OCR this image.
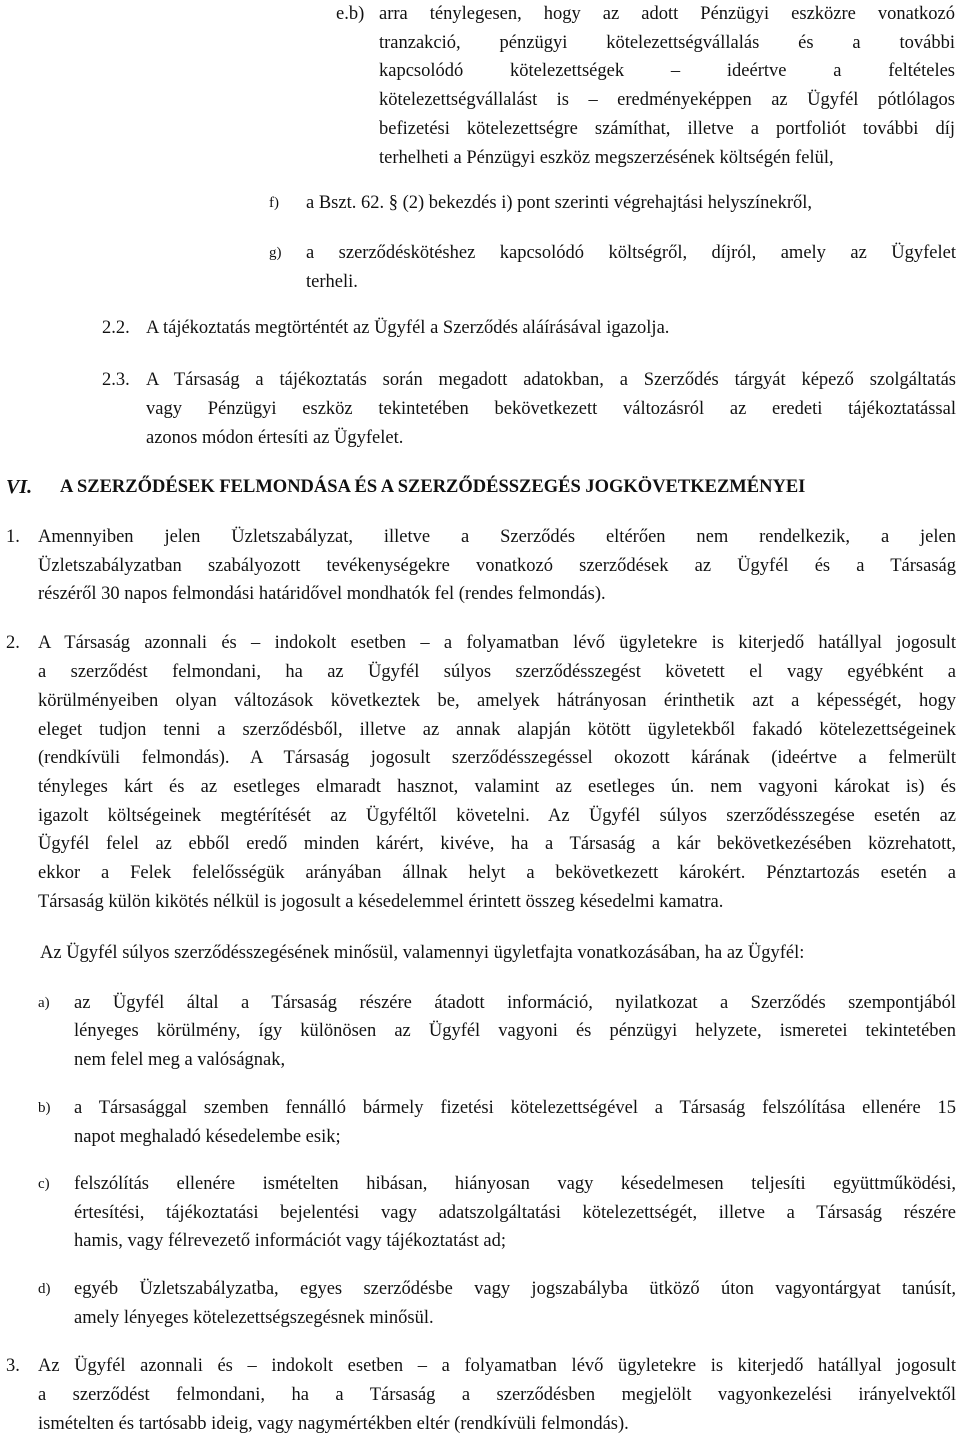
e.b) arra ténylegesen, hogy az adott Pénzügyi eszközre vonatkozó
tranzakció, pénzügyi kötelezettségvállalás és a további
kapcsolódó kötelezettségek – ideértve a feltételes
kötelezettségvállalást is – eredményeképpen az Ügyfél pótlólagos
befizetési kötelezettségre számíthat, illetve a portfoliót további díj
terhelheti a Pénzügyi eszköz megszerzésének költségén felül,
f) a Bszt. 62. § (2) bekezdés i) pont szerinti végrehajtási helyszínekről,
g) a szerződéskötéshez kapcsolódó költségről, díjról, amely az Ügyfelet
terheli.
2.2. A tájékoztatás megtörténtét az Ügyfél a Szerződés aláírásával igazolja.
2.3. A Társaság a tájékoztatás során megadott adatokban, a Szerződés tárgyát képező szolgáltatás
vagy Pénzügyi eszköz tekintetében bekövetkezett változásról az eredeti tájékoztatással
azonos módon értesíti az Ügyfelet.
VI. A SZERZŐDÉSEK FELMONDÁSA ÉS A SZERZŐDÉSSZEGÉS JOGKÖVETKEZMÉNYEI
1. Amennyiben jelen Üzletszabályzat, illetve a Szerződés eltérően nem rendelkezik, a jelen
Üzletszabályzatban szabályozott tevékenységekre vonatkozó szerződések az Ügyfél és a Társaság
részéről 30 napos felmondási határidővel mondhatók fel (rendes felmondás).
2. A Társaság azonnali és – indokolt esetben – a folyamatban lévő ügyletekre is kiterjedő hatállyal jogosult
a szerződést felmondani, ha az Ügyfél súlyos szerződésszegést követett el vagy egyébként a
körülményeiben olyan változások következtek be, amelyek hátrányosan érinthetik azt a képességét, hogy
eleget tudjon tenni a szerződésből, illetve az annak alapján kötött ügyletekből fakadó kötelezettségeinek
(rendkívüli felmondás). A Társaság jogosult szerződésszegéssel okozott kárának (ideértve a felmerült
tényleges kárt és az esetleges elmaradt hasznot, valamint az esetleges ún. nem vagyoni károkat is) és
igazolt költségeinek megtérítését az Ügyféltől követelni. Az Ügyfél súlyos szerződésszegése esetén az
Ügyfél felel az ebből eredő minden kárért, kivéve, ha a Társaság a kár bekövetkezésében közrehatott,
ekkor a Felek felelősségük arányában állnak helyt a bekövetkezett károkért. Pénztartozás esetén a
Társaság külön kikötés nélkül is jogosult a késedelemmel érintett összeg késedelmi kamatra.
Az Ügyfél súlyos szerződésszegésének minősül, valamennyi ügyletfajta vonatkozásában, ha az Ügyfél:
a) az Ügyfél által a Társaság részére átadott információ, nyilatkozat a Szerződés szempontjából
lényeges körülmény, így különösen az Ügyfél vagyoni és pénzügyi helyzete, ismeretei tekintetében
nem felel meg a valóságnak,
b) a Társasággal szemben fennálló bármely fizetési kötelezettségével a Társaság felszólítása ellenére 15
napot meghaladó késedelembe esik;
c) felszólítás ellenére ismételten hibásan, hiányosan vagy késedelmesen teljesíti együttműködési,
értesítési, tájékoztatási bejelentési vagy adatszolgáltatási kötelezettségét, illetve a Társaság részére
hamis, vagy félrevezető információt vagy tájékoztatást ad;
d) egyéb Üzletszabályzatba, egyes szerződésbe vagy jogszabályba ütköző úton vagyontárgyat tanúsít,
amely lényeges kötelezettségszegésnek minősül.
3. Az Ügyfél azonnali és – indokolt esetben – a folyamatban lévő ügyletekre is kiterjedő hatállyal jogosult
a szerződést felmondani, ha a Társaság a szerződésben megjelölt vagyonkezelési irányelvektől
ismételten és tartósabb ideig, vagy nagymértékben eltér (rendkívüli felmondás).
